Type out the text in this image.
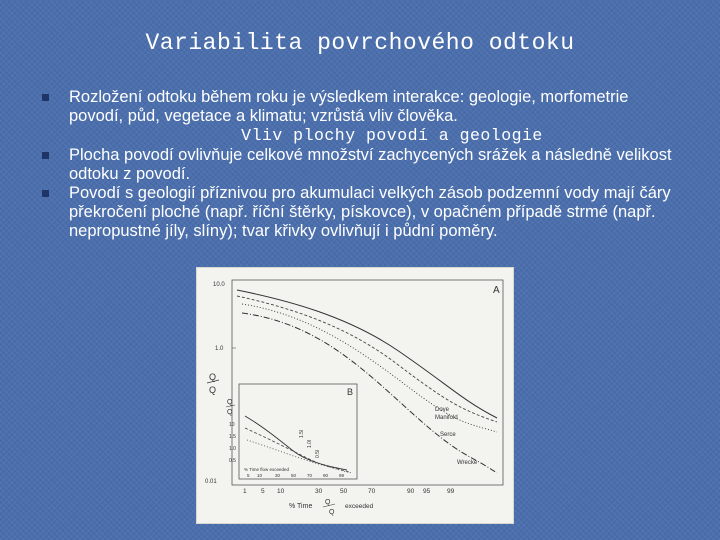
Variabilita povrchového odtoku
Rozložení odtoku během roku je výsledkem interakce: geologie, morfometrie povodí, půd, vegetace a klimatu; vzrůstá vliv člověka.
Vliv plochy povodí a geologie
Plocha povodí ovlivňuje celkové množství zachycených srážek a následně velikost odtoku z povodí.
Povodí s geologií příznivou pro akumulaci velkých zásob podzemní vody mají čáry překročení ploché (např. říční štěrky, pískovce), v opačném případě strmé (např. nepropustné jíly, slíny); tvar křivky ovlivňují i půdní poměry.
A
10.0
1.0
0.01
Q
Q
Dove
Manifold
Serce
Wrecke
B
Q
Q
10
1.5
1.0
0.5
1.5l
1.0l
0.5l
% Time flow exceeded
5 10	30 50 70 90 99
1 5 10	30	50	70	90 95	99
% Time
Q
Q
exceeded
